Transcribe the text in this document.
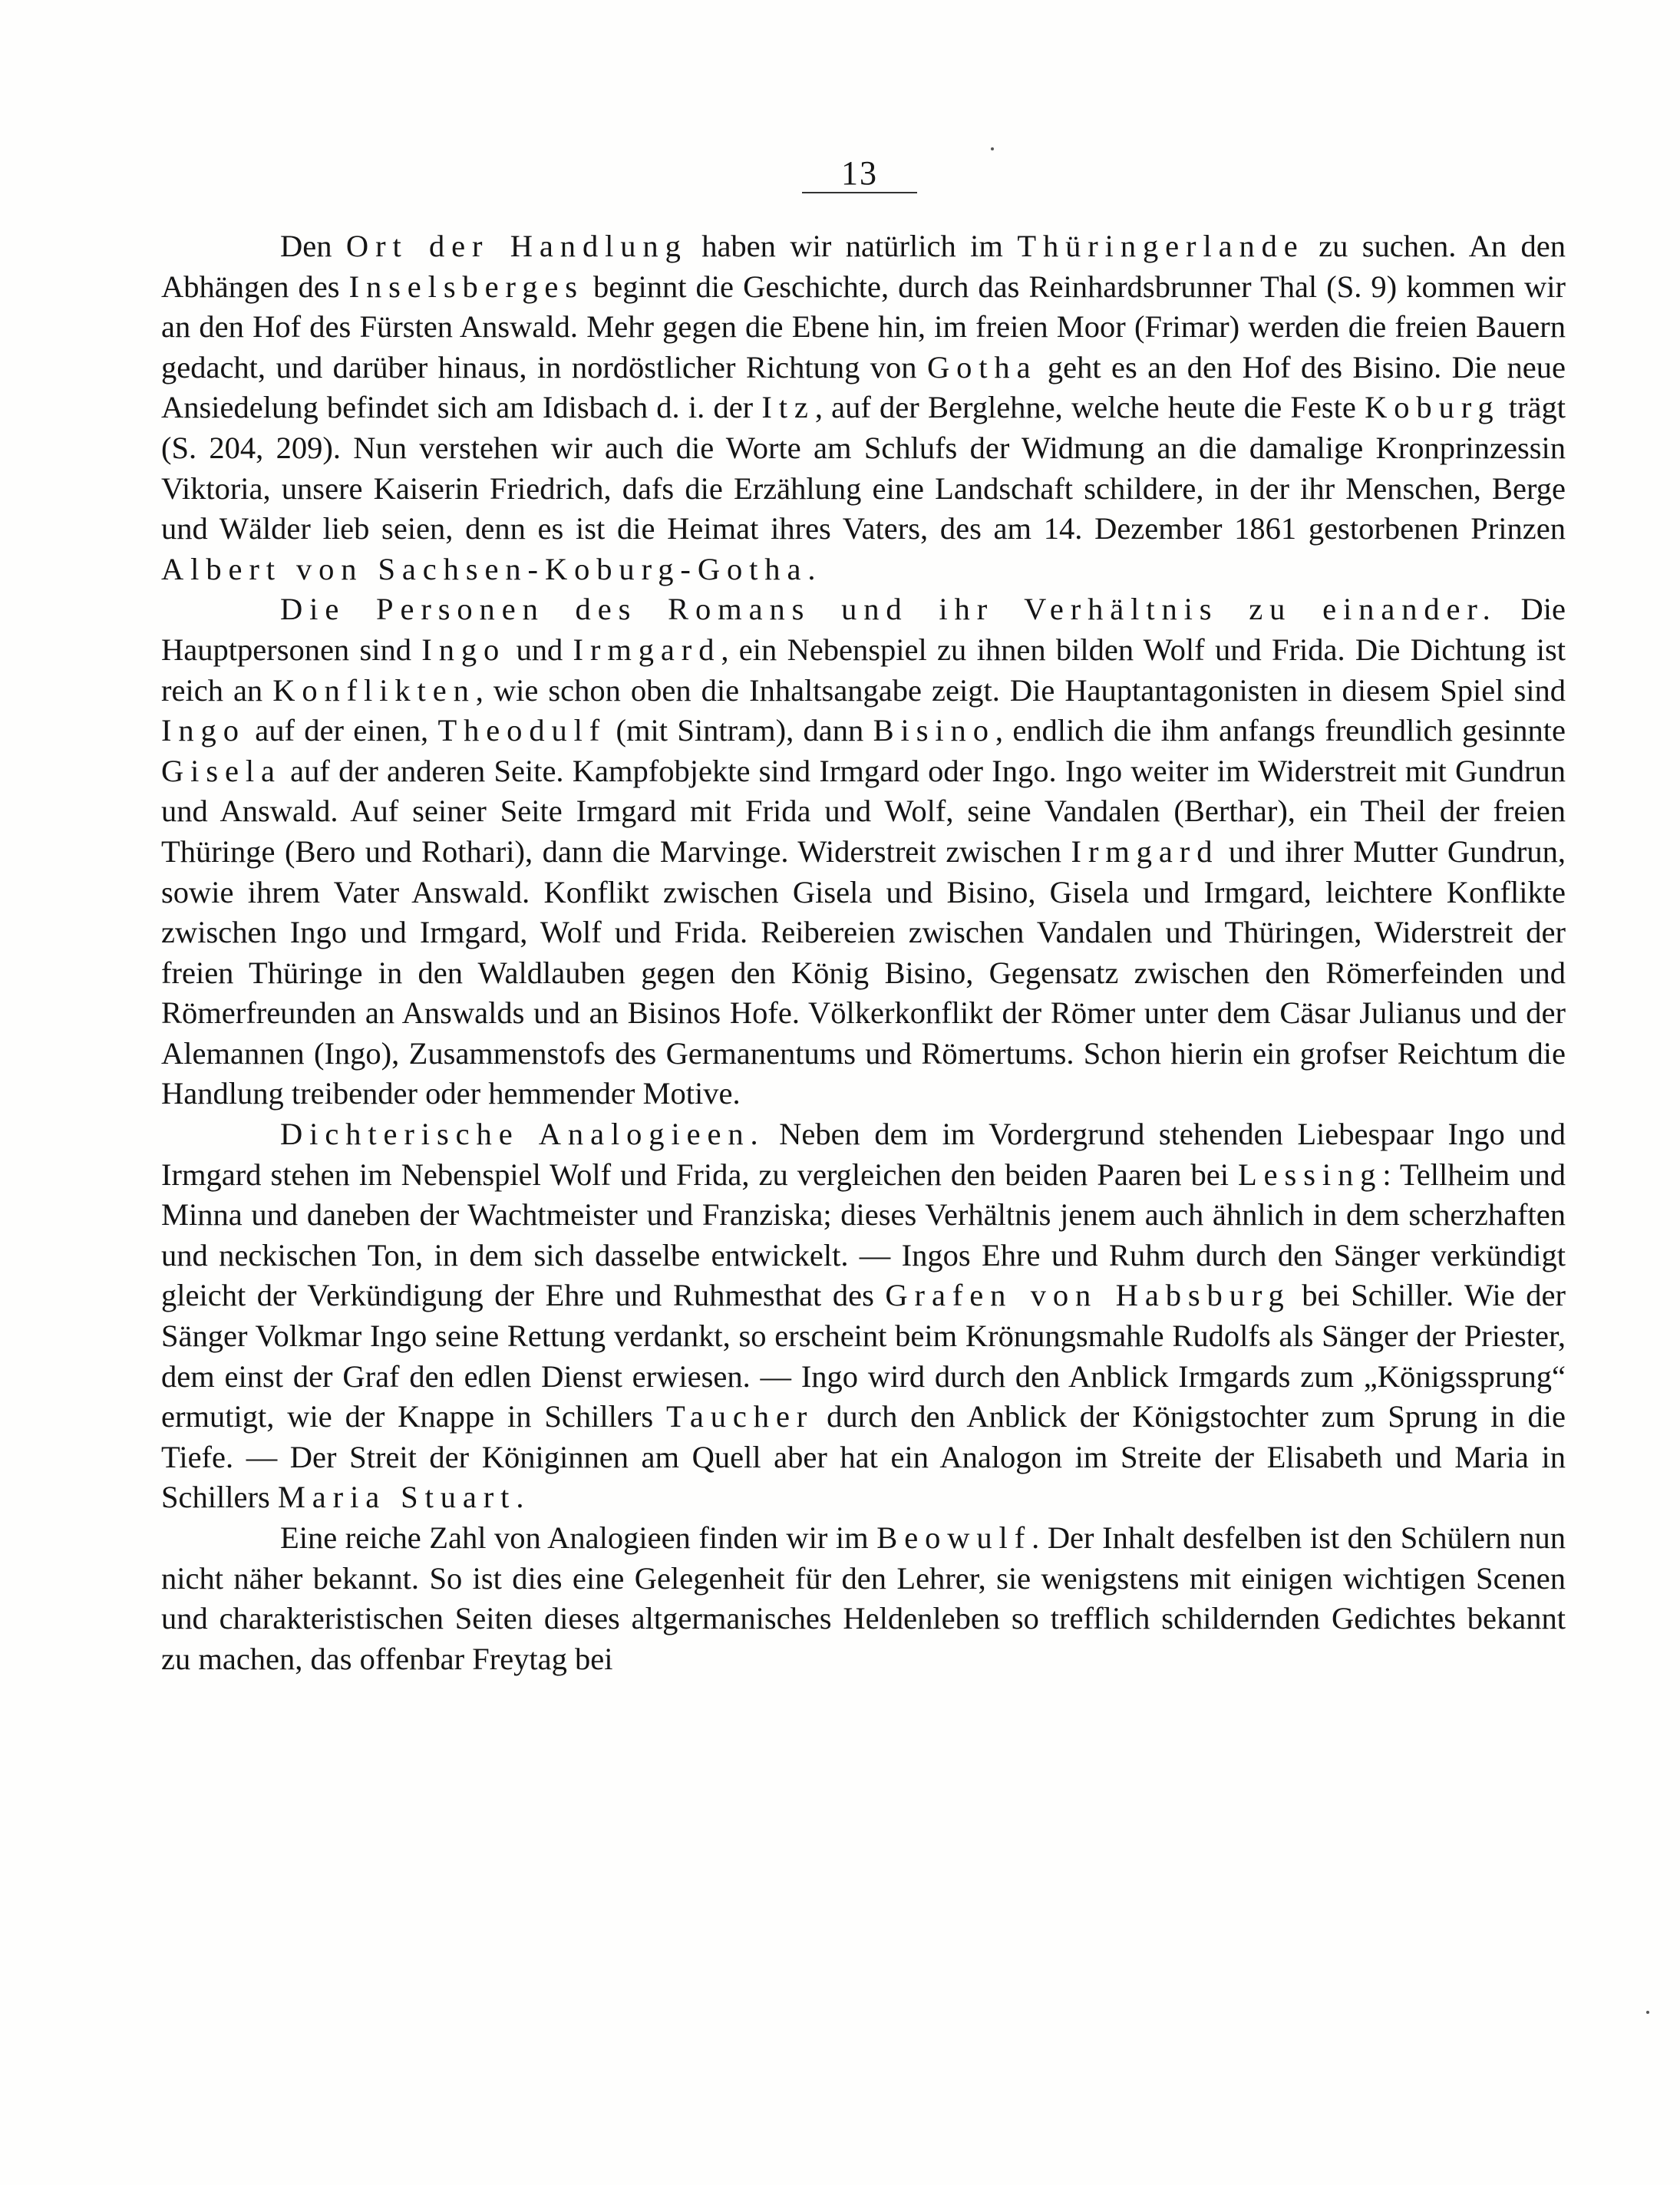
13

Den Ort der Handlung haben wir natürlich im Thüringerlande zu suchen. An den Abhängen des Inselsberges beginnt die Geschichte, durch das Reinhardsbrunner Thal (S. 9) kommen wir an den Hof des Fürsten Answald. Mehr gegen die Ebene hin, im freien Moor (Frimar) werden die freien Bauern gedacht, und darüber hinaus, in nordöstlicher Richtung von Gotha geht es an den Hof des Bisino. Die neue Ansiedelung befindet sich am Idisbach d. i. der Itz, auf der Berglehne, welche heute die Feste Koburg trägt (S. 204, 209). Nun verstehen wir auch die Worte am Schlufs der Widmung an die damalige Kronprinzessin Viktoria, unsere Kaiserin Friedrich, dafs die Erzählung eine Landschaft schildere, in der ihr Menschen, Berge und Wälder lieb seien, denn es ist die Heimat ihres Vaters, des am 14. Dezember 1861 gestorbenen Prinzen Albert von Sachsen-Koburg-Gotha.

Die Personen des Romans und ihr Verhältnis zu einander. Die Hauptpersonen sind Ingo und Irmgard, ein Nebenspiel zu ihnen bilden Wolf und Frida. Die Dichtung ist reich an Konflikten, wie schon oben die Inhaltsangabe zeigt. Die Hauptantagonisten in diesem Spiel sind Ingo auf der einen, Theodulf (mit Sintram), dann Bisino, endlich die ihm anfangs freundlich gesinnte Gisela auf der anderen Seite. Kampfobjekte sind Irmgard oder Ingo. Ingo weiter im Widerstreit mit Gundrun und Answald. Auf seiner Seite Irmgard mit Frida und Wolf, seine Vandalen (Berthar), ein Theil der freien Thüringe (Bero und Rothari), dann die Marvinge. Widerstreit zwischen Irmgard und ihrer Mutter Gundrun, sowie ihrem Vater Answald. Konflikt zwischen Gisela und Bisino, Gisela und Irmgard, leichtere Konflikte zwischen Ingo und Irmgard, Wolf und Frida. Reibereien zwischen Vandalen und Thüringen, Widerstreit der freien Thüringe in den Waldlauben gegen den König Bisino, Gegensatz zwischen den Römerfeinden und Römerfreunden an Answalds und an Bisinos Hofe. Völkerkonflikt der Römer unter dem Cäsar Julianus und der Alemannen (Ingo), Zusammenstofs des Germanentums und Römertums. Schon hierin ein grofser Reichtum die Handlung treibender oder hemmender Motive.

Dichterische Analogieen. Neben dem im Vordergrund stehenden Liebespaar Ingo und Irmgard stehen im Nebenspiel Wolf und Frida, zu vergleichen den beiden Paaren bei Lessing: Tellheim und Minna und daneben der Wachtmeister und Franziska; dieses Verhältnis jenem auch ähnlich in dem scherzhaften und neckischen Ton, in dem sich dasselbe entwickelt. — Ingos Ehre und Ruhm durch den Sänger verkündigt gleicht der Verkündigung der Ehre und Ruhmesthat des Grafen von Habsburg bei Schiller. Wie der Sänger Volkmar Ingo seine Rettung verdankt, so erscheint beim Krönungsmahle Rudolfs als Sänger der Priester, dem einst der Graf den edlen Dienst erwiesen. — Ingo wird durch den Anblick Irmgards zum „Königssprung“ ermutigt, wie der Knappe in Schillers Taucher durch den Anblick der Königstochter zum Sprung in die Tiefe. — Der Streit der Königinnen am Quell aber hat ein Analogon im Streite der Elisabeth und Maria in Schillers Maria Stuart.

Eine reiche Zahl von Analogieen finden wir im Beowulf. Der Inhalt desfelben ist den Schülern nun nicht näher bekannt. So ist dies eine Gelegenheit für den Lehrer, sie wenigstens mit einigen wichtigen Scenen und charakteristischen Seiten dieses altgermanisches Heldenleben so trefflich schildernden Gedichtes bekannt zu machen, das offenbar Freytag bei
